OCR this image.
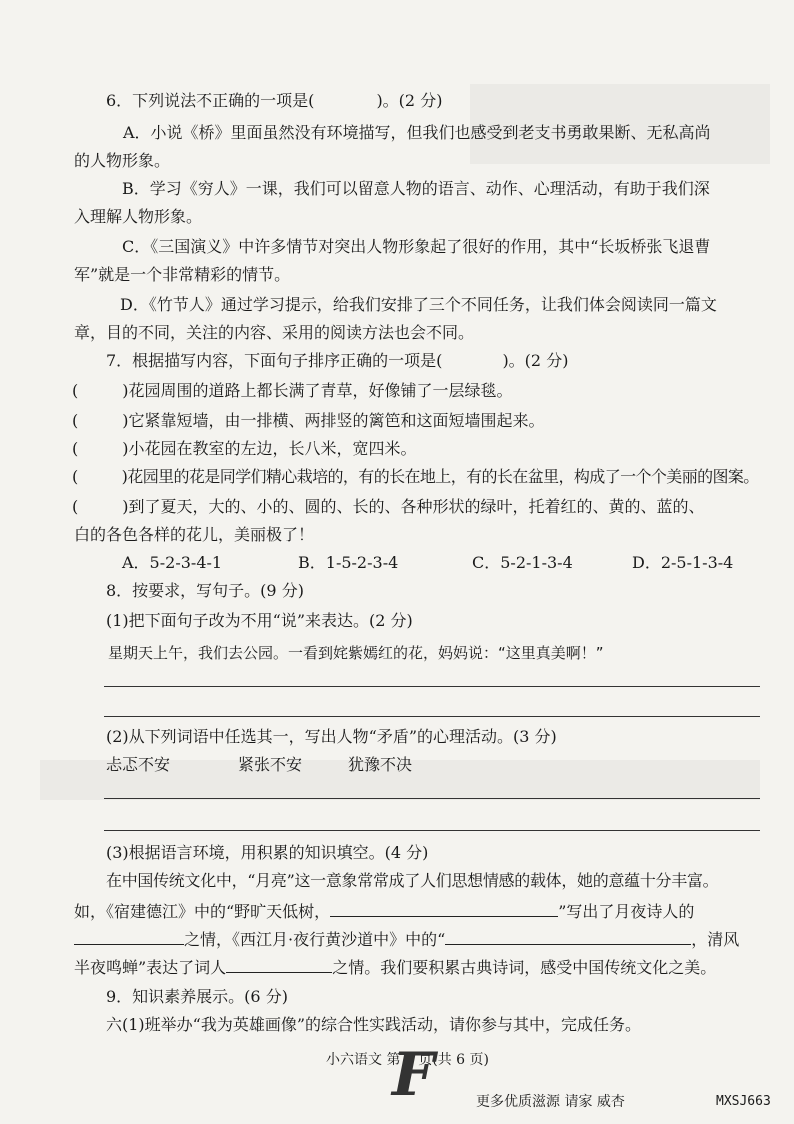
6．下列说法不正确的一项是(	)。(2 分)
A．小说《桥》里面虽然没有环境描写，但我们也感受到老支书勇敢果断、无私高尚
的人物形象。
B．学习《穷人》一课，我们可以留意人物的语言、动作、心理活动，有助于我们深
入理解人物形象。
C．《三国演义》中许多情节对突出人物形象起了很好的作用，其中“长坂桥张飞退曹
军”就是一个非常精彩的情节。
D．《竹节人》通过学习提示，给我们安排了三个不同任务，让我们体会阅读同一篇文
章，目的不同，关注的内容、采用的阅读方法也会不同。
7．根据描写内容，下面句子排序正确的一项是(	)。(2 分)
(	)花园周围的道路上都长满了青草，好像铺了一层绿毯。
(	)它紧靠短墙，由一排横、两排竖的篱笆和这面短墙围起来。
(	)小花园在教室的左边，长八米，宽四米。
(	)花园里的花是同学们精心栽培的，有的长在地上，有的长在盆里，构成了一个个美丽的图案。
(	)到了夏天，大的、小的、圆的、长的、各种形状的绿叶，托着红的、黄的、蓝的、
白的各色各样的花儿，美丽极了！
A．5-2-3-4-1	B．1-5-2-3-4	C．5-2-1-3-4	D．2-5-1-3-4
8．按要求，写句子。(9 分)
(1)把下面句子改为不用“说”来表达。(2 分)
星期天上午，我们去公园。一看到姹紫嫣红的花，妈妈说：“这里真美啊！”
(2)从下列词语中任选其一，写出人物“矛盾”的心理活动。(3 分)
忐忑不安	紧张不安	犹豫不决
(3)根据语言环境，用积累的知识填空。(4 分)
在中国传统文化中，“月亮”这一意象常常成了人们思想情感的载体，她的意蕴十分丰富。
如，《宿建德江》中的“野旷天低树，	”写出了月夜诗人的
之情，《西江月·夜行黄沙道中》中的“	，清风
半夜鸣蝉”表达了词人	之情。我们要积累古典诗词，感受中国传统文化之美。
9．知识素养展示。(6 分)
六(1)班举办“我为英雄画像”的综合性实践活动，请你参与其中，完成任务。
小六语文 第 2 页(共 6 页)
F	更多优质滋源 请家 威杏	MXSJ663
